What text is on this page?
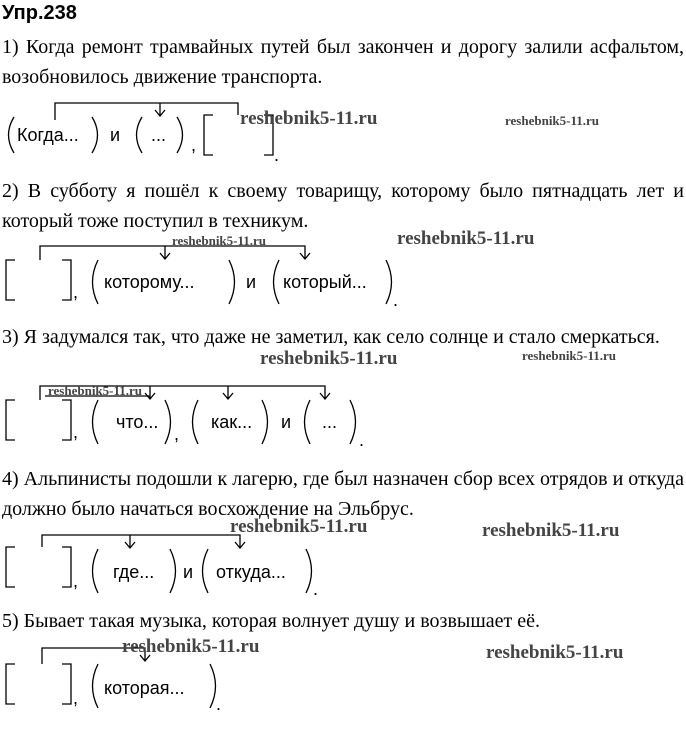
Упр.238
1) Когда ремонт трамвайных путей был закончен и дорогу залили асфальтом, возобновилось движение транспорта.
Когда... и ... ,	.
reshebnik5-11.ru	reshebnik5-11.ru
2) В субботу я пошёл к своему товарищу, которому было пятнадцать лет и который тоже поступил в техникум.
, которому...	и который...
.
reshebnik5-11.ru	reshebnik5-11.ru
3) Я задумался так, что даже не заметил, как село солнце и стало смеркаться.
, что...
,
как... и ...
.
reshebnik5-11.ru	reshebnik5-11.ru
reshebnik5-11.ru
4) Альпинисты подошли к лагерю, где был назначен сбор всех отрядов и откуда должно было начаться восхождение на Эльбрус.
, где... и откуда...
.
reshebnik5-11.ru	reshebnik5-11.ru
5) Бывает такая музыка, которая волнует душу и возвышает её.
, которая...
.
reshebnik5-11.ru	reshebnik5-11.ru
